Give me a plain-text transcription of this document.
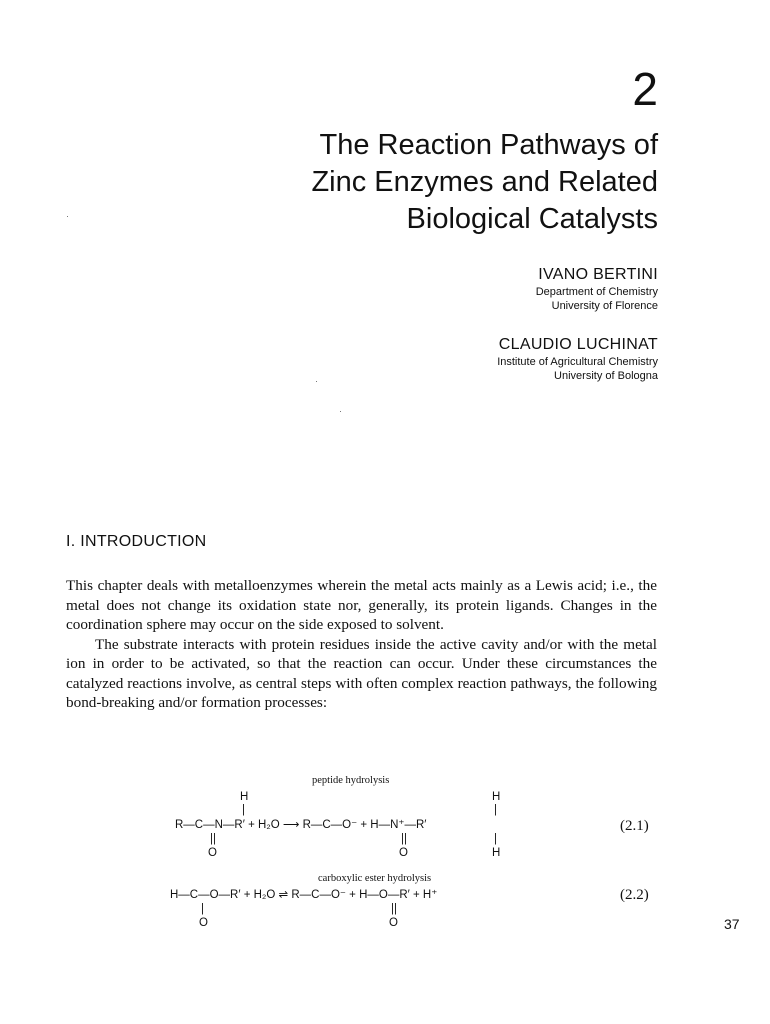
2
The Reaction Pathways of
Zinc Enzymes and Related
Biological Catalysts
IVANO BERTINI
Department of Chemistry
University of Florence
CLAUDIO LUCHINAT
Institute of Agricultural Chemistry
University of Bologna
I. INTRODUCTION

This chapter deals with metalloenzymes wherein the metal acts mainly as a Lewis acid; i.e., the metal does not change its oxidation state nor, generally, its protein ligands. Changes in the coordination sphere may occur on the side exposed to solvent.

The substrate interacts with protein residues inside the active cavity and/or with the metal ion in order to be activated, so that the reaction can occur. Under these circumstances the catalyzed reactions involve, as central steps with often complex reaction pathways, the following bond-breaking and/or formation processes:

peptide hydrolysis
H	H
|	|
R—C—N—R′ + H₂O ⟶ R—C—O⁻ + H—N⁺—R′	(2.1)
||	||	|
O	O	H
carboxylic ester hydrolysis
H—C—O—R′ + H₂O ⇌ R—C—O⁻ + H—O—R′ + H⁺	(2.2)
|	||
O	O	37
